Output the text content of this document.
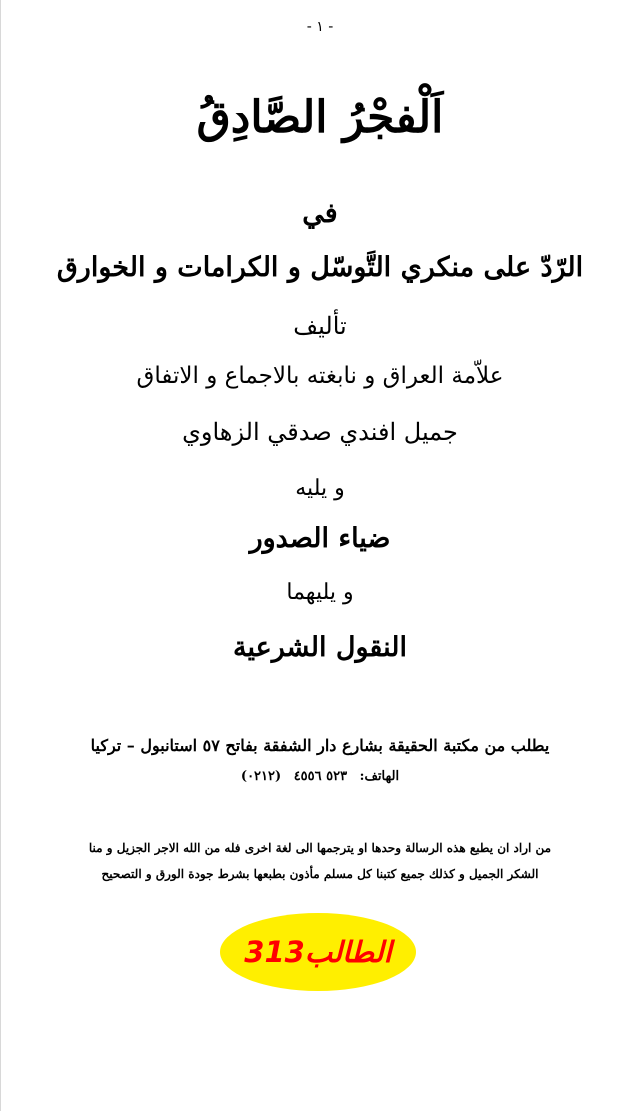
- ١ -
اَلْفجْرُ الصَّادِقُ
في
الرّدّ على منكري التَّوسّل و الكرامات و الخوارق
تأليف
علاّمة العراق و نابغته بالاجماع و الاتفاق
جميل افندي صدقي الزهاوي
و يليه
ضياء الصدور
و يليهما
النقول الشرعية
يطلب من مكتبة الحقيقة بشارع دار الشفقة بفاتح ٥٧ استانبول – تركيا
الهاتف: ٥٢٣ ٤٥٥٦ (٠٢١٢)
من اراد ان يطبع هذه الرسالة وحدها او يترجمها الى لغة اخرى فله من الله الاجر الجزيل و منا
الشكر الجميل و كذلك جميع كتبنا كل مسلم مأذون بطبعها بشرط جودة الورق و التصحيح
الطالب313
